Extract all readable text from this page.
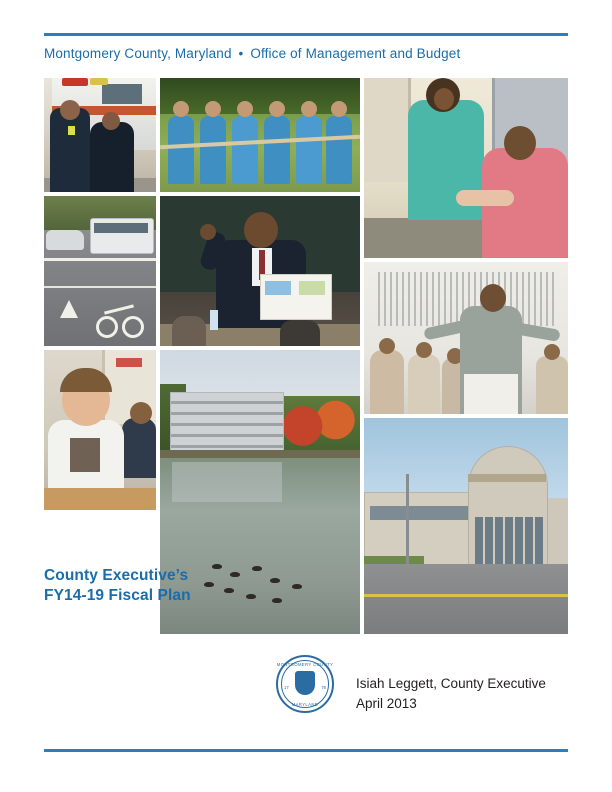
Montgomery County, Maryland • Office of Management and Budget
County Executive’s
FY14-19 Fiscal Plan
MONTGOMERY COUNTY
17	76
MARYLAND
Isiah Leggett, County Executive
April 2013
